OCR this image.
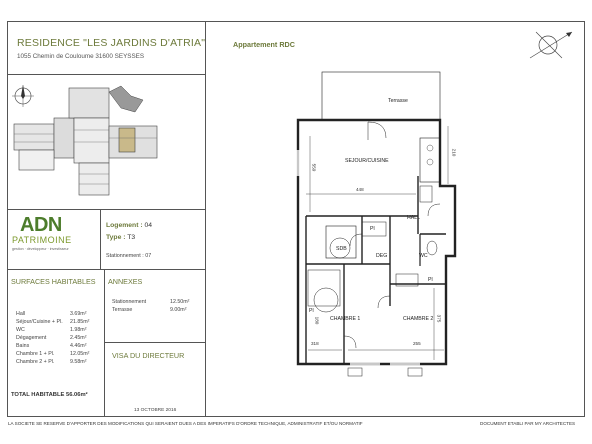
RESIDENCE "LES JARDINS D'ATRIA"
1055 Chemin de Couloume 31600 SEYSSES
Appartement RDC
ADN
PATRIMOINE
gestion · développeur · investisseur
Logement : 04
Type : T3
Stationnement : 07
SURFACES HABITABLES
Hall	3.69m²
Séjour/Cuisine + Pl. 21.85m²
WC	1.98m²
Dégagement	2.45m²
Bains	4.46m²
Chambre 1 + Pl.	12.05m²
Chambre 2 + Pl.	9.58m²
TOTAL HABITABLE 56.06m²
ANNEXES
Stationnement	12.50m²
Terrasse	9.00m²
VISA DU DIRECTEUR
13 OCTOBRE 2016
Terrasse
SEJOUR/CUISINE
HALL
SDB
DEG	WC
Pl
Pl
Pl
CHAMBRE 1	CHAMBRE 2
448
210
559
318	255
375
180
LA SOCIETE SE RESERVE D'APPORTER DES MODIFICATIONS QUI SERAIENT DUES A DES IMPERATIFS D'ORDRE TECHNIQUE, ADMINISTRATIF ET/OU NORMATIF	DOCUMENT ETABLI PAR MY ARCHITECTES
